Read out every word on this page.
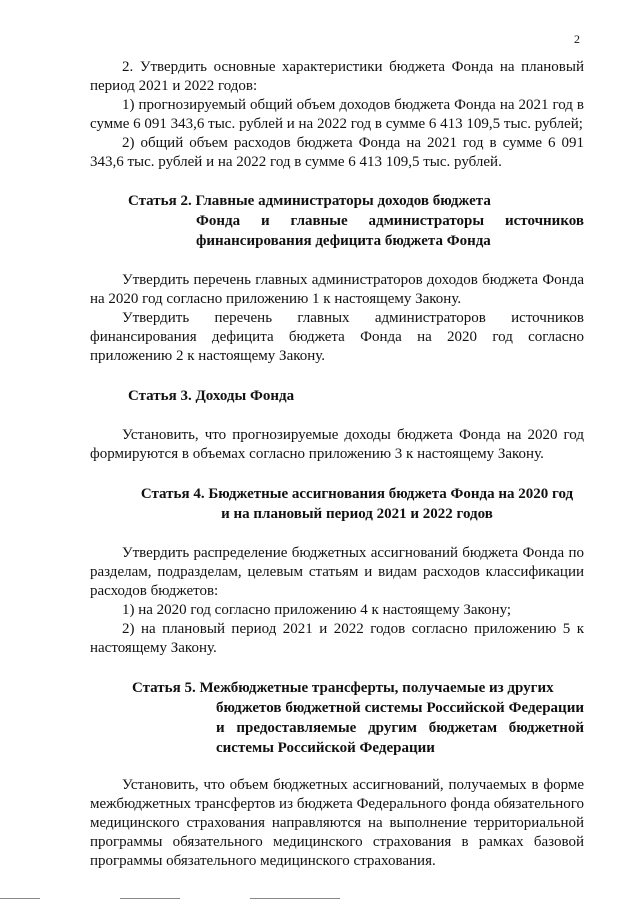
2

2. Утвердить основные характеристики бюджета Фонда на плановый период 2021 и 2022 годов:

1) прогнозируемый общий объем доходов бюджета Фонда на 2021 год в сумме 6 091 343,6 тыс. рублей и на 2022 год в сумме 6 413 109,5 тыс. рублей;

2) общий объем расходов бюджета Фонда на 2021 год в сумме 6 091 343,6 тыс. рублей и на 2022 год в сумме 6 413 109,5 тыс. рублей.

Статья 2. Главные администраторы доходов бюджета
Фонда и главные администраторы источников финансирования дефицита бюджета Фонда

Утвердить перечень главных администраторов доходов бюджета Фонда на 2020 год согласно приложению 1 к настоящему Закону.

Утвердить перечень главных администраторов источников финансирования дефицита бюджета Фонда на 2020 год согласно приложению 2 к настоящему Закону.

Статья 3. Доходы Фонда

Установить, что прогнозируемые доходы бюджета Фонда на 2020 год формируются в объемах согласно приложению 3 к настоящему Закону.

Статья 4. Бюджетные ассигнования бюджета Фонда на 2020 год
и на плановый период 2021 и 2022 годов

Утвердить распределение бюджетных ассигнований бюджета Фонда по разделам, подразделам, целевым статьям и видам расходов классификации расходов бюджетов:

1) на 2020 год согласно приложению 4 к настоящему Закону;

2) на плановый период 2021 и 2022 годов согласно приложению 5 к настоящему Закону.

Статья 5. Межбюджетные трансферты, получаемые из других
бюджетов бюджетной системы Российской Федерации и предоставляемые другим бюджетам бюджетной системы Российской Федерации

Установить, что объем бюджетных ассигнований, получаемых в форме межбюджетных трансфертов из бюджета Федерального фонда обязательного медицинского страхования направляются на выполнение территориальной программы обязательного медицинского страхования в рамках базовой программы обязательного медицинского страхования.
